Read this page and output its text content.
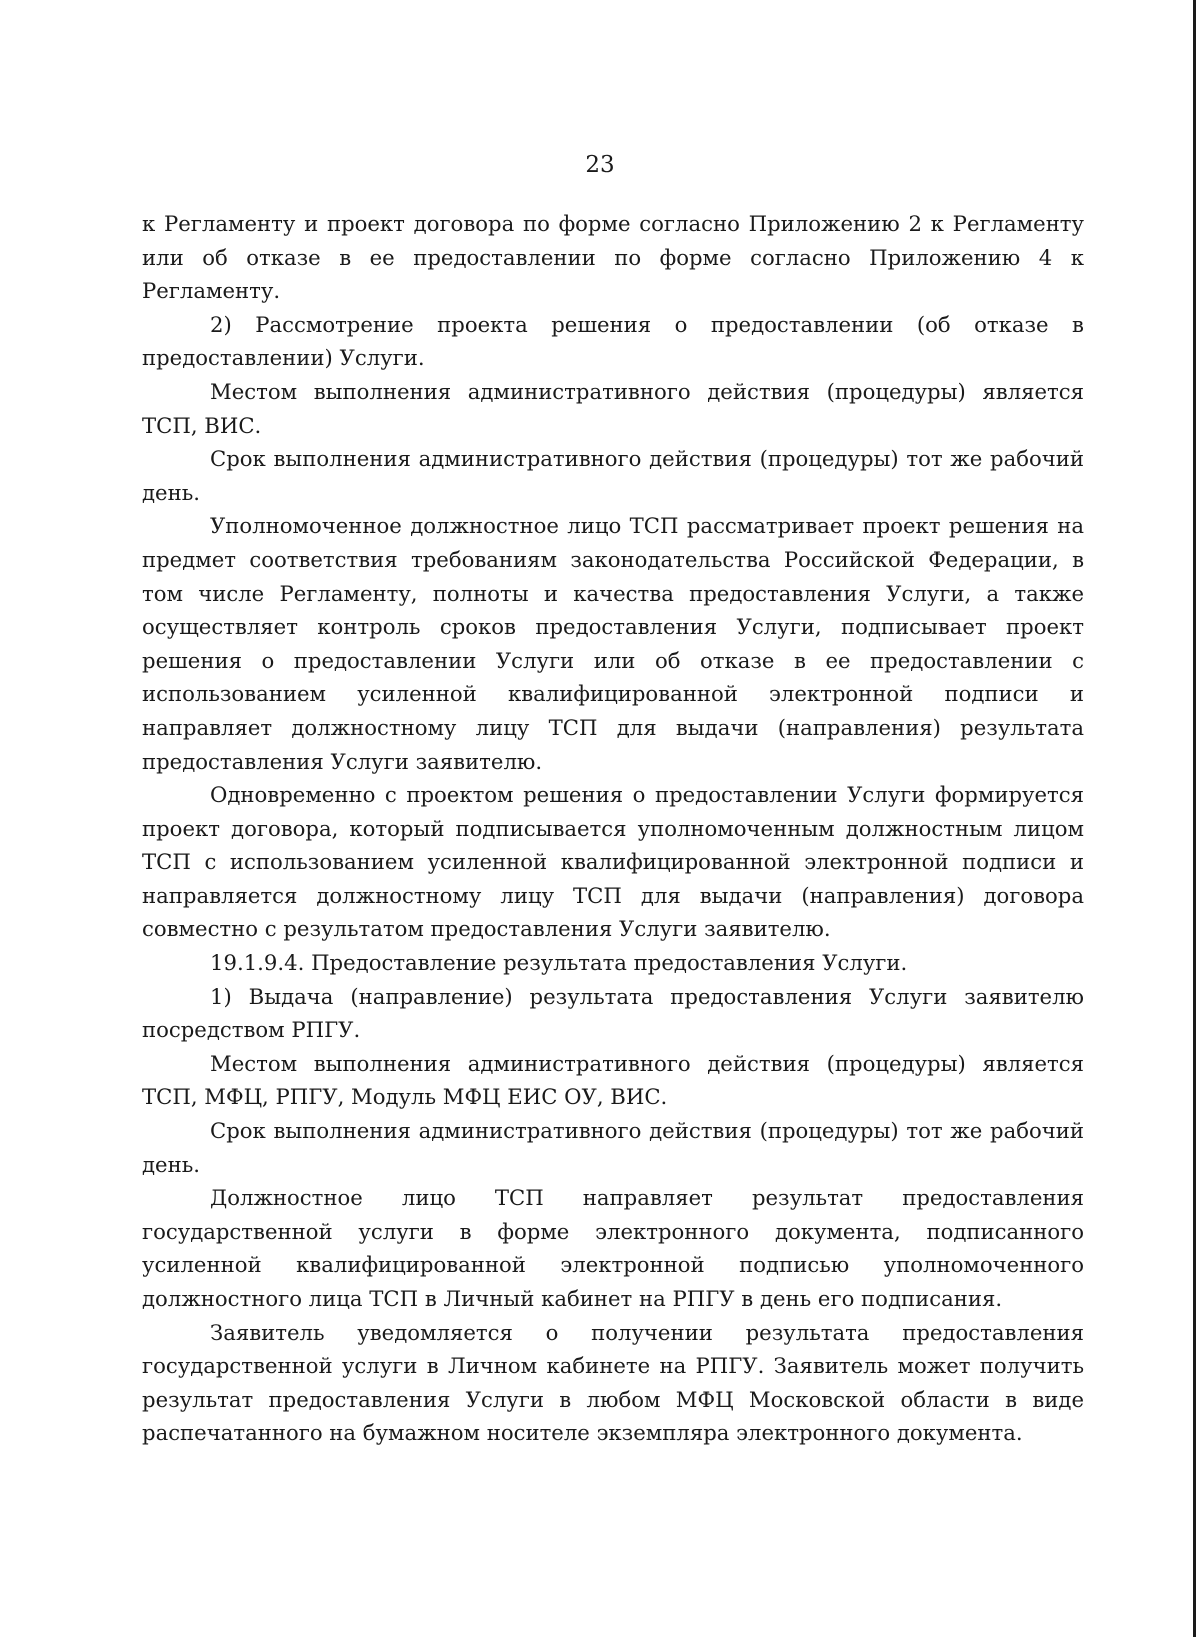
23

к Регламенту и проект договора по форме согласно Приложению 2 к Регламенту или об отказе в ее предоставлении по форме согласно Приложению 4 к Регламенту.

2) Рассмотрение проекта решения о предоставлении (об отказе в предоставлении) Услуги.

Местом выполнения административного действия (процедуры) является ТСП, ВИС.

Срок выполнения административного действия (процедуры) тот же рабочий день.

Уполномоченное должностное лицо ТСП рассматривает проект решения на предмет соответствия требованиям законодательства Российской Федерации, в том числе Регламенту, полноты и качества предоставления Услуги, а также осуществляет контроль сроков предоставления Услуги, подписывает проект решения о предоставлении Услуги или об отказе в ее предоставлении с использованием усиленной квалифицированной электронной подписи и направляет должностному лицу ТСП для выдачи (направления) результата предоставления Услуги заявителю.

Одновременно с проектом решения о предоставлении Услуги формируется проект договора, который подписывается уполномоченным должностным лицом ТСП с использованием усиленной квалифицированной электронной подписи и направляется должностному лицу ТСП для выдачи (направления) договора совместно с результатом предоставления Услуги заявителю.

19.1.9.4. Предоставление результата предоставления Услуги.

1) Выдача (направление) результата предоставления Услуги заявителю посредством РПГУ.

Местом выполнения административного действия (процедуры) является ТСП, МФЦ, РПГУ, Модуль МФЦ ЕИС ОУ, ВИС.

Срок выполнения административного действия (процедуры) тот же рабочий день.

Должностное лицо ТСП направляет результат предоставления государственной услуги в форме электронного документа, подписанного усиленной квалифицированной электронной подписью уполномоченного должностного лица ТСП в Личный кабинет на РПГУ в день его подписания.

Заявитель уведомляется о получении результата предоставления государственной услуги в Личном кабинете на РПГУ. Заявитель может получить результат предоставления Услуги в любом МФЦ Московской области в виде распечатанного на бумажном носителе экземпляра электронного документа.
